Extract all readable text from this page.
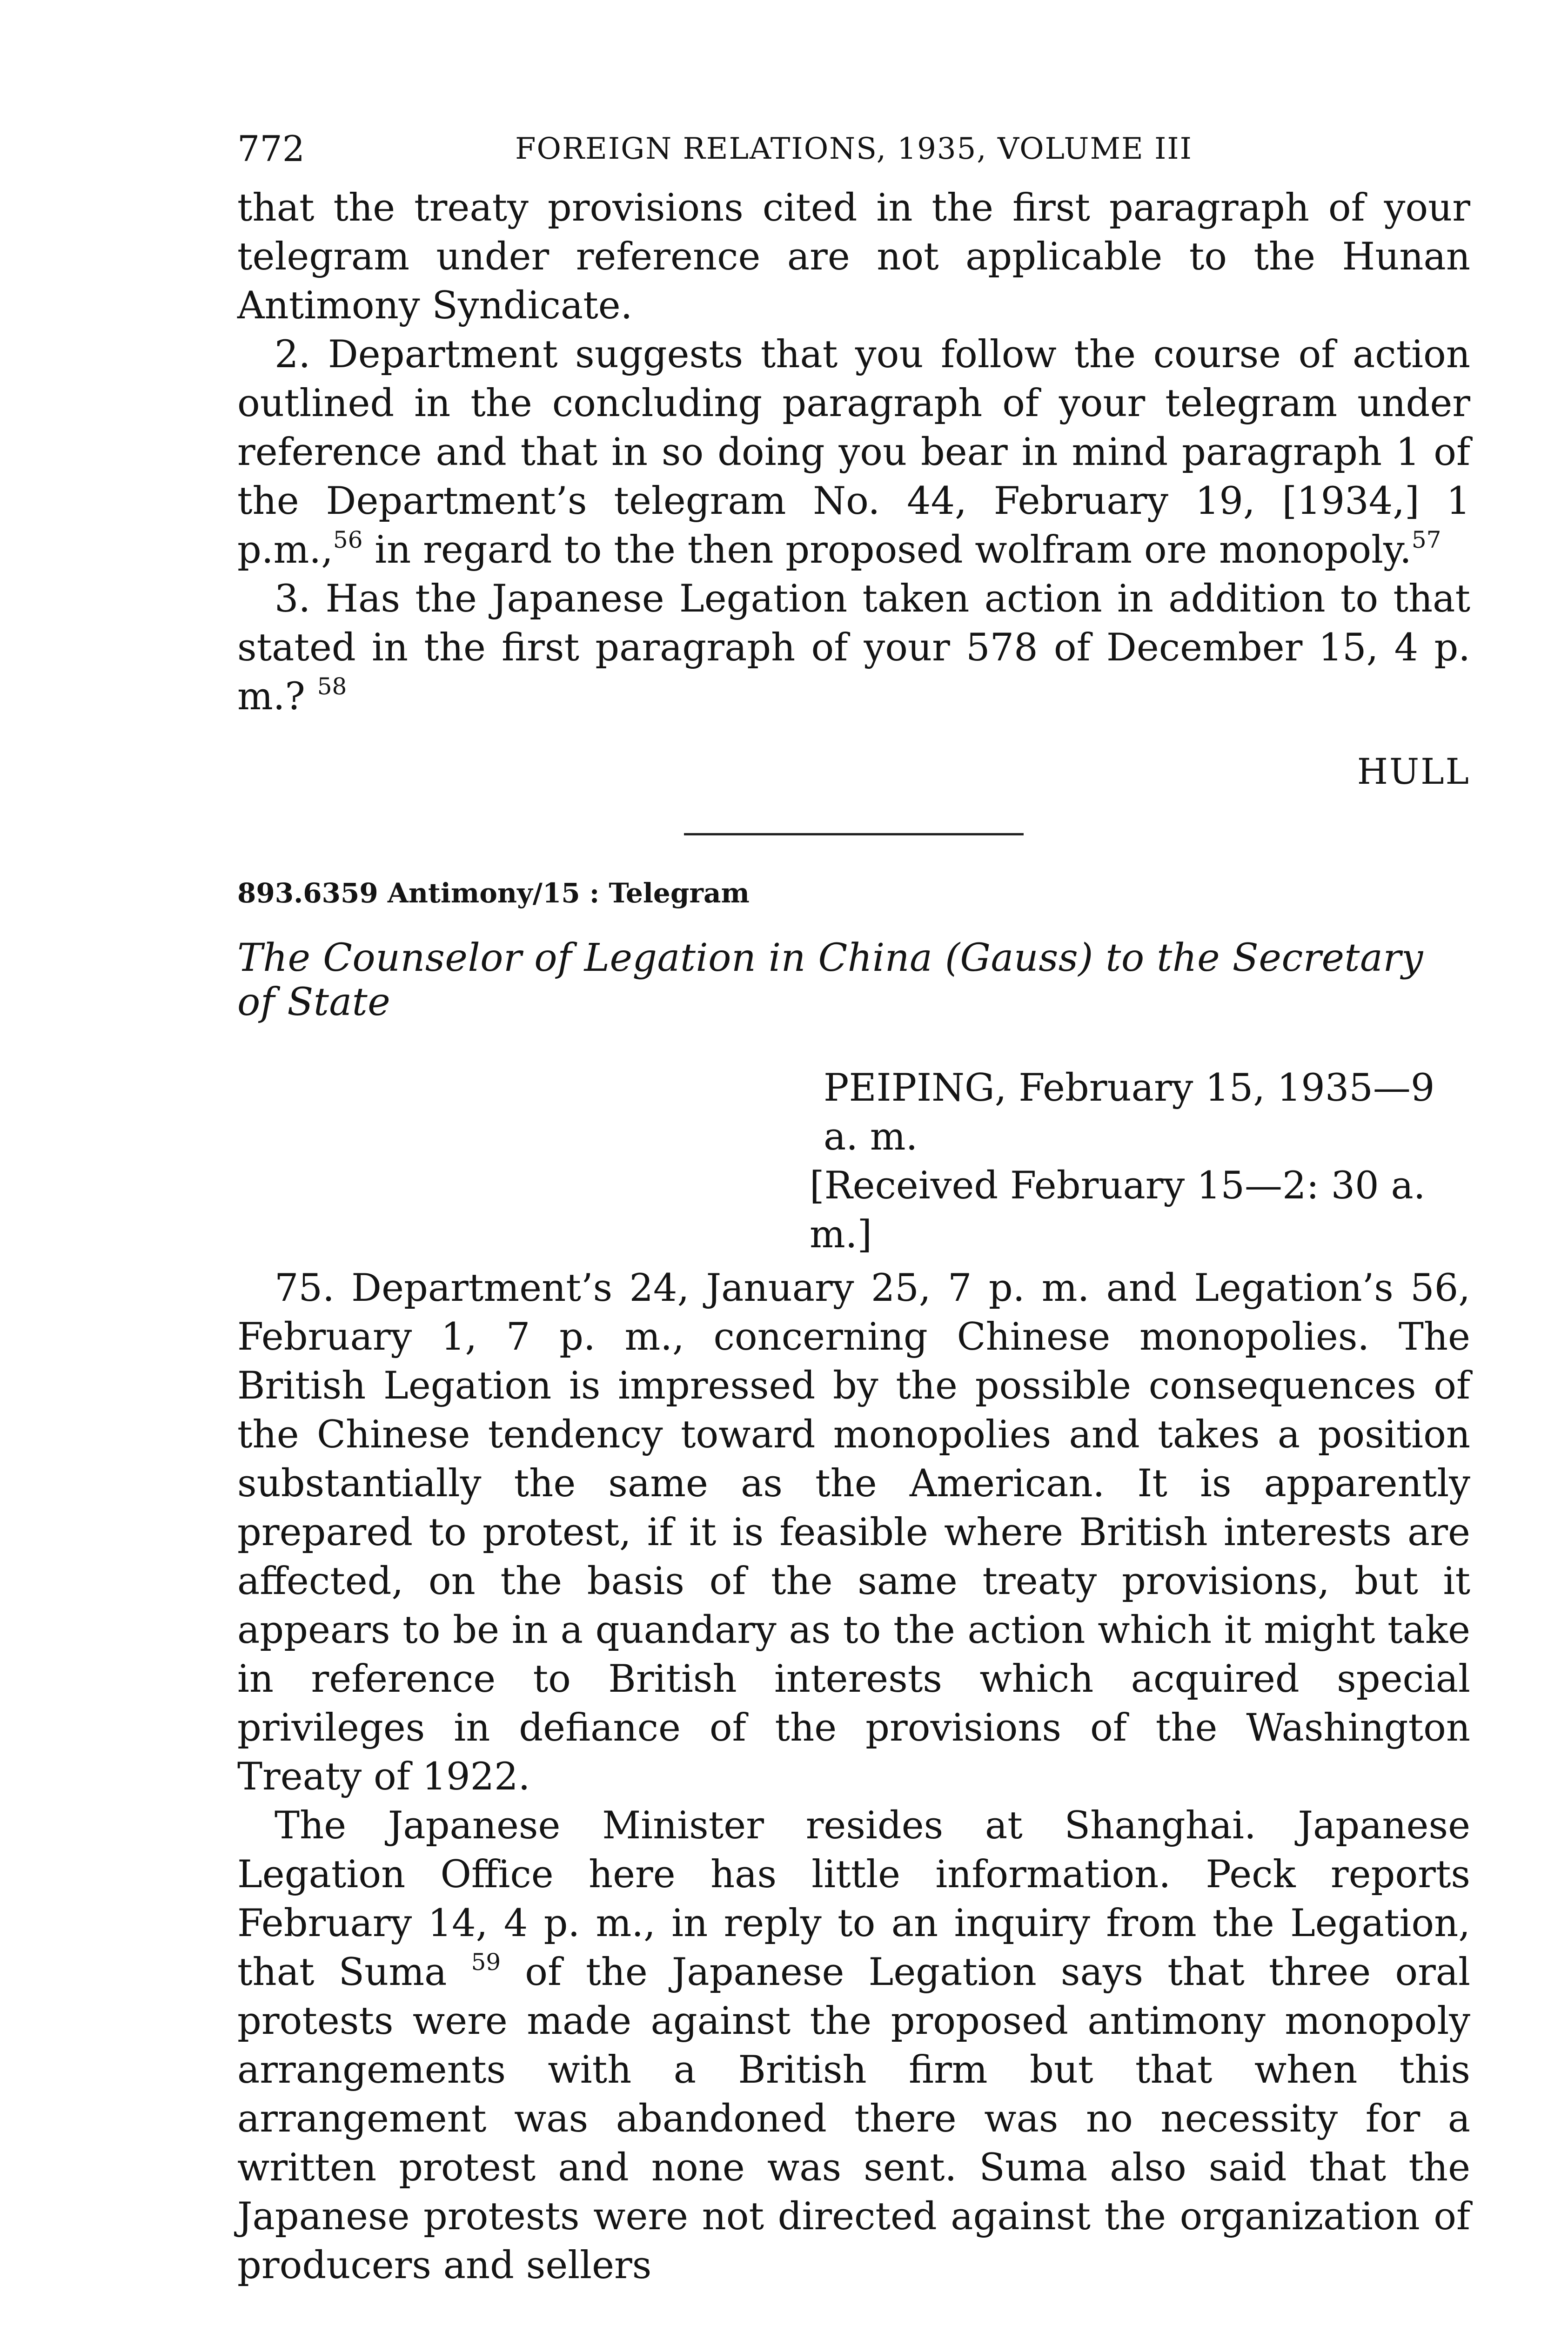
772	FOREIGN RELATIONS, 1935, VOLUME III

that the treaty provisions cited in the first paragraph of your telegram under reference are not applicable to the Hunan Antimony Syndicate.

2. Department suggests that you follow the course of action outlined in the concluding paragraph of your telegram under reference and that in so doing you bear in mind paragraph 1 of the Department’s telegram No. 44, February 19, [1934,] 1 p.m.,$^{56}$ in regard to the then proposed wolfram ore monopoly.$^{57}$

3. Has the Japanese Legation taken action in addition to that stated in the first paragraph of your 578 of December 15, 4 p. m.? $^{58}$

HULL
893.6359 Antimony/15 : Telegram
The Counselor of Legation in China (Gauss) to the Secretary of State
PEIPING, February 15, 1935—9 a. m.
[Received February 15—2: 30 a. m.]

75. Department’s 24, January 25, 7 p. m. and Legation’s 56, February 1, 7 p. m., concerning Chinese monopolies. The British Legation is impressed by the possible consequences of the Chinese tendency toward monopolies and takes a position substantially the same as the American. It is apparently prepared to protest, if it is feasible where British interests are affected, on the basis of the same treaty provisions, but it appears to be in a quandary as to the action which it might take in reference to British interests which acquired special privileges in defiance of the provisions of the Washington Treaty of 1922.

The Japanese Minister resides at Shanghai. Japanese Legation Office here has little information. Peck reports February 14, 4 p. m., in reply to an inquiry from the Legation, that Suma $^{59}$ of the Japanese Legation says that three oral protests were made against the proposed antimony monopoly arrangements with a British firm but that when this arrangement was abandoned there was no necessity for a written protest and none was sent. Suma also said that the Japanese protests were not directed against the organization of producers and sellers
